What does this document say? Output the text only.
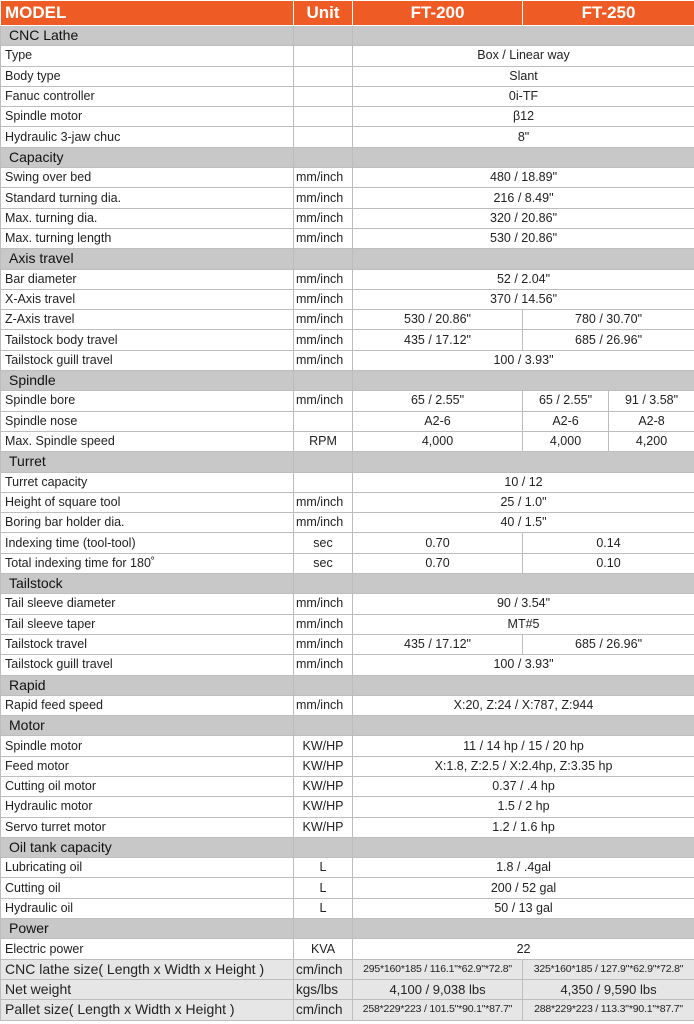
MODEL	Unit	FT-200	FT-250	
CNC Lathe				
Type		Box / Linear way		
Body type		Slant		
Fanuc controller		0i-TF		
Spindle motor		β12		
Hydraulic 3-jaw chuc		8"		
Capacity				
Swing over bed	mm/inch	480 / 18.89"		
Standard turning dia.	mm/inch	216 / 8.49"		
Max. turning dia.	mm/inch	320 / 20.86"		
Max. turning length	mm/inch	530 / 20.86"		
Axis travel				
Bar diameter	mm/inch	52 / 2.04"		
X-Axis travel	mm/inch	370 / 14.56"		
Z-Axis travel	mm/inch	530 / 20.86"	780 / 30.70"	
Tailstock body travel	mm/inch	435 / 17.12"	685 / 26.96"	
Tailstock guill travel	mm/inch	100 / 3.93"		
Spindle				
Spindle bore	mm/inch	65 / 2.55"	65 / 2.55"	91 / 3.58"
Spindle nose		A2-6	A2-6	A2-8
Max. Spindle speed	RPM	4,000	4,000	4,200
Turret				
Turret capacity		10 / 12		
Height of square tool	mm/inch	25 / 1.0"		
Boring bar holder dia.	mm/inch	40 / 1.5"		
Indexing time (tool-tool)	sec	0.70	0.14	
Total indexing time for 180˚	sec	0.70	0.10	
Tailstock				
Tail sleeve diameter	mm/inch	90 / 3.54"		
Tail sleeve taper	mm/inch	MT#5		
Tailstock travel	mm/inch	435 / 17.12"	685 / 26.96"	
Tailstock guill travel	mm/inch	100 / 3.93"		
Rapid				
Rapid feed speed	mm/inch	X:20, Z:24 / X:787, Z:944		
Motor				
Spindle motor	KW/HP	11 / 14 hp / 15 / 20 hp		
Feed motor	KW/HP	X:1.8, Z:2.5 / X:2.4hp, Z:3.35 hp		
Cutting oil motor	KW/HP	0.37 / .4 hp		
Hydraulic motor	KW/HP	1.5 / 2 hp		
Servo turret motor	KW/HP	1.2 / 1.6 hp		
Oil tank capacity				
Lubricating oil	L	1.8 / .4gal		
Cutting oil	L	200 / 52 gal		
Hydraulic oil	L	50 / 13 gal		
Power				
Electric power	KVA	22		
CNC lathe size( Length x Width x Height )	cm/inch	295*160*185 / 116.1"*62.9"*72.8"	325*160*185 / 127.9"*62.9"*72.8"	
Net weight	kgs/lbs	4,100 / 9,038 lbs	4,350 / 9,590 lbs	
Pallet size( Length x Width x Height )	cm/inch	258*229*223 / 101.5"*90.1"*87.7"	288*229*223 / 113.3"*90.1"*87.7"	
